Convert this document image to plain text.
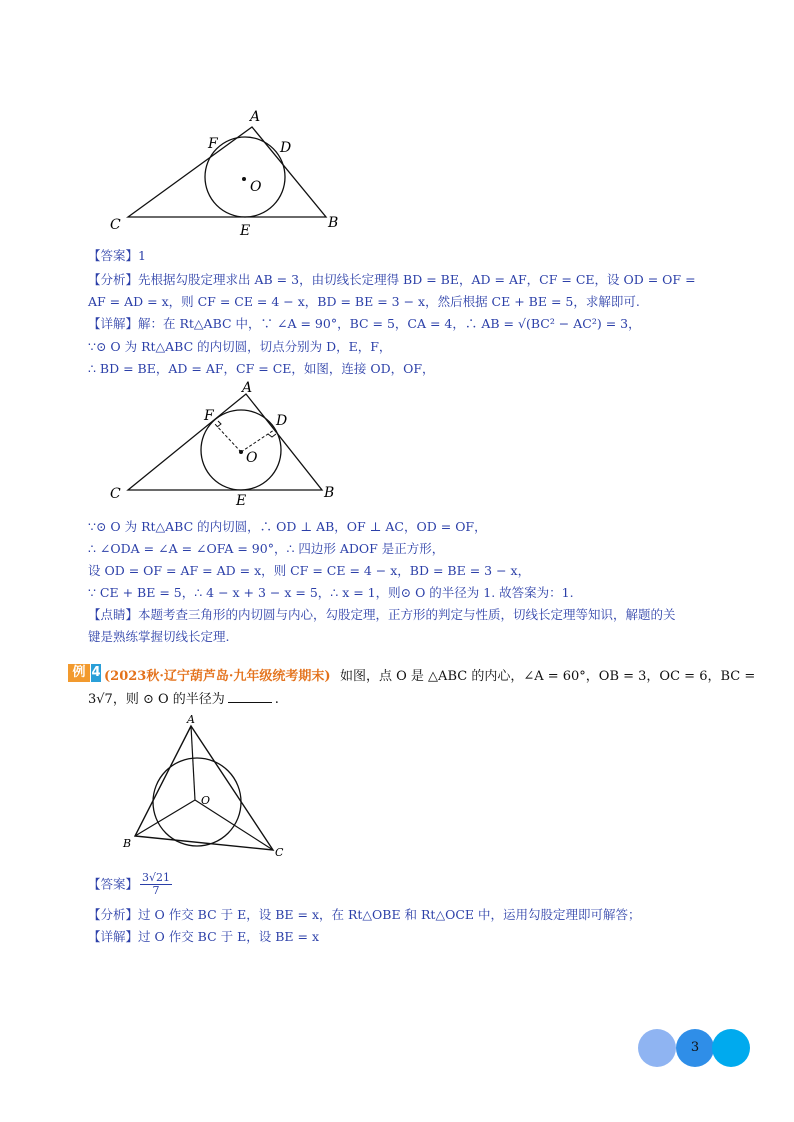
A
F	D
O
C	E	B
【答案】1
【分析】先根据勾股定理求出 AB = 3，由切线长定理得 BD = BE，AD = AF，CF = CE，设 OD = OF =
AF = AD = x，则 CF = CE = 4 − x，BD = BE = 3 − x，然后根据 CE + BE = 5，求解即可.
【详解】解：在 Rt△ABC 中，∵ ∠A = 90°，BC = 5，CA = 4，∴ AB = √(BC² − AC²) = 3，
∵⊙ O 为 Rt△ABC 的内切圆，切点分别为 D，E，F，
∴ BD = BE，AD = AF，CF = CE，如图，连接 OD，OF，
A
F	D
O
C	E	B
∵⊙ O 为 Rt△ABC 的内切圆，∴ OD ⊥ AB，OF ⊥ AC，OD = OF，
∴ ∠ODA = ∠A = ∠OFA = 90°，∴ 四边形 ADOF 是正方形，
设 OD = OF = AF = AD = x，则 CF = CE = 4 − x，BD = BE = 3 − x，
∵ CE + BE = 5，∴ 4 − x + 3 − x = 5，∴ x = 1，则⊙ O 的半径为 1. 故答案为：1.
【点睛】本题考查三角形的内切圆与内心，勾股定理，正方形的判定与性质，切线长定理等知识，解题的关
键是熟练掌握切线长定理.
例 4 (2023秋·辽宁葫芦岛·九年级统考期末) 如图，点 O 是 △ABC 的内心，∠A = 60°，OB = 3，OC = 6，BC =
3√7，则 ⊙ O 的半径为	.
A
O
B
C
【答案】 $\frac{3√21}{7}$
【分析】过 O 作交 BC 于 E，设 BE = x，在 Rt△OBE 和 Rt△OCE 中，运用勾股定理即可解答；
【详解】过 O 作交 BC 于 E，设 BE = x
3
